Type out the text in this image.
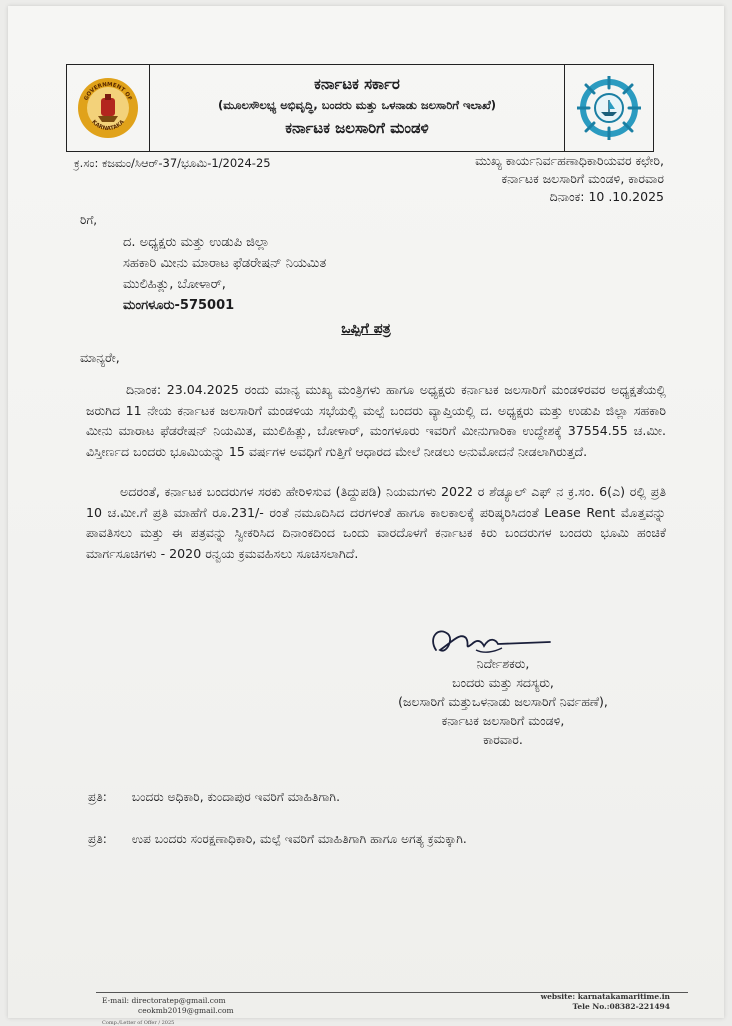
GOVERNMENT OF
KARNATAKA
ಕರ್ನಾಟಕ ಸರ್ಕಾರ
(ಮೂಲಸೌಲಭ್ಯ ಅಭಿವೃದ್ಧಿ, ಬಂದರು ಮತ್ತು ಒಳನಾಡು ಜಲಸಾರಿಗೆ ಇಲಾಖೆ)
ಕರ್ನಾಟಕ ಜಲಸಾರಿಗೆ ಮಂಡಳಿ
ಕ್ರ.ಸಂ: ಕಜಮಂ/ಸಿಆರ್-37/ಭೂಮಿ-1/2024-25	ಮುಖ್ಯ ಕಾರ್ಯನಿರ್ವಹಣಾಧಿಕಾರಿಯವರ ಕಛೇರಿ,
ಕರ್ನಾಟಕ ಜಲಸಾರಿಗೆ ಮಂಡಳಿ, ಕಾರವಾರ
ದಿನಾಂಕ: 10 .10.2025
ರಿಗೆ,
ದ. ಅಧ್ಯಕ್ಷರು ಮತ್ತು ಉಡುಪಿ ಜಿಲ್ಲಾ
ಸಹಕಾರಿ ಮೀನು ಮಾರಾಟ ಫೆಡರೇಷನ್ ನಿಯಮಿತ
ಮುಲಿಹಿತ್ಲು, ಬೋಳಾರ್,
ಮಂಗಳೂರು-575001
ಒಪ್ಪಿಗೆ ಪತ್ರ
ಮಾನ್ಯರೇ,
ದಿನಾಂಕ: 23.04.2025 ರಂದು ಮಾನ್ಯ ಮುಖ್ಯ ಮಂತ್ರಿಗಳು ಹಾಗೂ ಅಧ್ಯಕ್ಷರು ಕರ್ನಾಟಕ ಜಲಸಾರಿಗೆ ಮಂಡಳಿರವರ ಅಧ್ಯಕ್ಷತೆಯಲ್ಲಿ ಜರುಗಿದ 11 ನೇಯ ಕರ್ನಾಟಕ ಜಲಸಾರಿಗೆ ಮಂಡಳಿಯ ಸಭೆಯಲ್ಲಿ ಮಲ್ಪೆ ಬಂದರು ವ್ಯಾಪ್ತಿಯಲ್ಲಿ ದ. ಅಧ್ಯಕ್ಷರು ಮತ್ತು ಉಡುಪಿ ಜಿಲ್ಲಾ ಸಹಕಾರಿ ಮೀನು ಮಾರಾಟ ಫೆಡರೇಷನ್ ನಿಯಮಿತ, ಮುಲಿಹಿತ್ಲು, ಬೋಳಾರ್, ಮಂಗಳೂರು ಇವರಿಗೆ ಮೀನುಗಾರಿಕಾ ಉದ್ದೇಶಕ್ಕೆ 37554.55 ಚ.ಮೀ. ವಿಸ್ತೀರ್ಣದ ಬಂದರು ಭೂಮಿಯನ್ನು 15 ವರ್ಷಗಳ ಅವಧಿಗೆ ಗುತ್ತಿಗೆ ಆಧಾರದ ಮೇಲೆ ನೀಡಲು ಅನುಮೋದನೆ ನೀಡಲಾಗಿರುತ್ತದೆ.
ಅದರಂತೆ, ಕರ್ನಾಟಕ ಬಂದರುಗಳ ಸರಕು ಹೇರಿಳಿಸುವ (ತಿದ್ದುಪಡಿ) ನಿಯಮಗಳು 2022 ರ ಶೆಡ್ಯೂಲ್ ಎಫ್ ನ ಕ್ರ.ಸಂ. 6(ಎ) ರಲ್ಲಿ ಪ್ರತಿ 10 ಚ.ಮೀ.ಗೆ ಪ್ರತಿ ಮಾಹೆಗೆ ರೂ.231/- ರಂತೆ ನಮೂದಿಸಿದ ದರಗಳಂತೆ ಹಾಗೂ ಕಾಲಕಾಲಕ್ಕೆ ಪರಿಷ್ಕರಿಸಿದಂತೆ Lease Rent ಮೊತ್ತವನ್ನು ಪಾವತಿಸಲು ಮತ್ತು ಈ ಪತ್ರವನ್ನು ಸ್ವೀಕರಿಸಿದ ದಿನಾಂಕದಿಂದ ಒಂದು ವಾರದೊಳಗೆ ಕರ್ನಾಟಕ ಕಿರು ಬಂದರುಗಳ ಬಂದರು ಭೂಮಿ ಹಂಚಿಕೆ ಮಾರ್ಗಸೂಚಿಗಳು - 2020 ರನ್ವಯ ಕ್ರಮವಹಿಸಲು ಸೂಚಿಸಲಾಗಿದೆ.
ನಿರ್ದೇಶಕರು,
ಬಂದರು ಮತ್ತು ಸದಸ್ಯರು,
(ಜಲಸಾರಿಗೆ ಮತ್ತುಒಳನಾಡು ಜಲಸಾರಿಗೆ ನಿರ್ವಹಣೆ),
ಕರ್ನಾಟಕ ಜಲಸಾರಿಗೆ ಮಂಡಳಿ,
ಕಾರವಾರ.
ಪ್ರತಿ: ಬಂದರು ಅಧಿಕಾರಿ, ಕುಂದಾಪುರ ಇವರಿಗೆ ಮಾಹಿತಿಗಾಗಿ.
ಪ್ರತಿ: ಉಪ ಬಂದರು ಸಂರಕ್ಷಣಾಧಿಕಾರಿ, ಮಲ್ಪೆ ಇವರಿಗೆ ಮಾಹಿತಿಗಾಗಿ ಹಾಗೂ ಅಗತ್ಯ ಕ್ರಮಕ್ಕಾಗಿ.
E-mail: directoratep@gmail.com
ceokmb2019@gmail.com
website: karnatakamaritime.in
Tele No.:08382-221494
Comp./Letter of Offer / 2025
